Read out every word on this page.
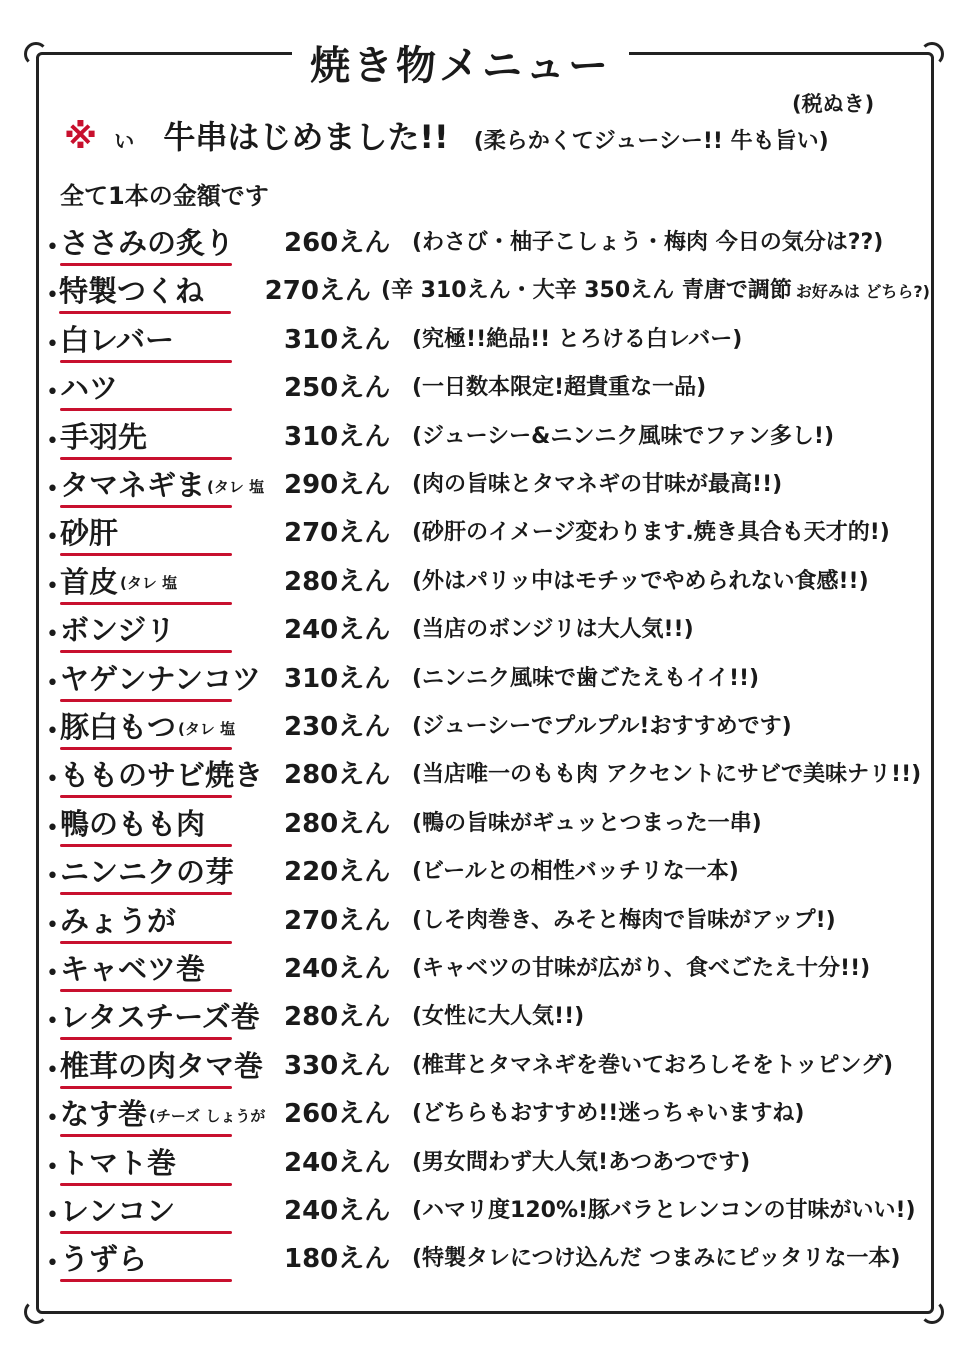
焼き物メニュー
(税ぬき)
※ い 牛串はじめました!! (柔らかくてジューシー!! 牛も旨い)
全て1本の金額です
• ささみの炙り	260えん (わさび・柚子こしょう・梅肉 今日の気分は??)
• 特製つくね	270えん (辛 310えん・大辛 350えん 青唐で調節 お好みは どちら?)
• 白レバー	310えん (究極!!絶品!! とろける白レバー)
• ハツ	250えん (一日数本限定!超貴重な一品)
• 手羽先	310えん (ジューシー&ニンニク風味でファン多し!)
• タマネギま (タレ 塩 290えん (肉の旨味とタマネギの甘味が最高!!)
• 砂肝	270えん (砂肝のイメージ変わります.焼き具合も天才的!)
• 首皮 (タレ 塩	280えん (外はパリッ中はモチッでやめられない食感!!)
• ボンジリ	240えん (当店のボンジリは大人気!!)
• ヤゲンナンコツ 310えん (ニンニク風味で歯ごたえもイイ!!)
• 豚白もつ (タレ 塩	230えん (ジューシーでプルプル!おすすめです)
• もものサビ焼き 280えん (当店唯一のもも肉 アクセントにサビで美味ナリ!!)
• 鴨のもも肉	280えん (鴨の旨味がギュッとつまった一串)
• ニンニクの芽	220えん (ビールとの相性バッチリな一本)
• みょうが	270えん (しそ肉巻き、みそと梅肉で旨味がアップ!)
• キャベツ巻	240えん (キャベツの甘味が広がり、食べごたえ十分!!)
• レタスチーズ巻 280えん (女性に大人気!!)
• 椎茸の肉タマ巻 330えん (椎茸とタマネギを巻いておろしそをトッピング)
• なす巻 (チーズ しょうが 260えん (どちらもおすすめ!!迷っちゃいますね)
• トマト巻	240えん (男女問わず大人気!あつあつです)
• レンコン	240えん (ハマリ度120%!豚バラとレンコンの甘味がいい!)
• うずら	180えん (特製タレにつけ込んだ つまみにピッタリな一本)
